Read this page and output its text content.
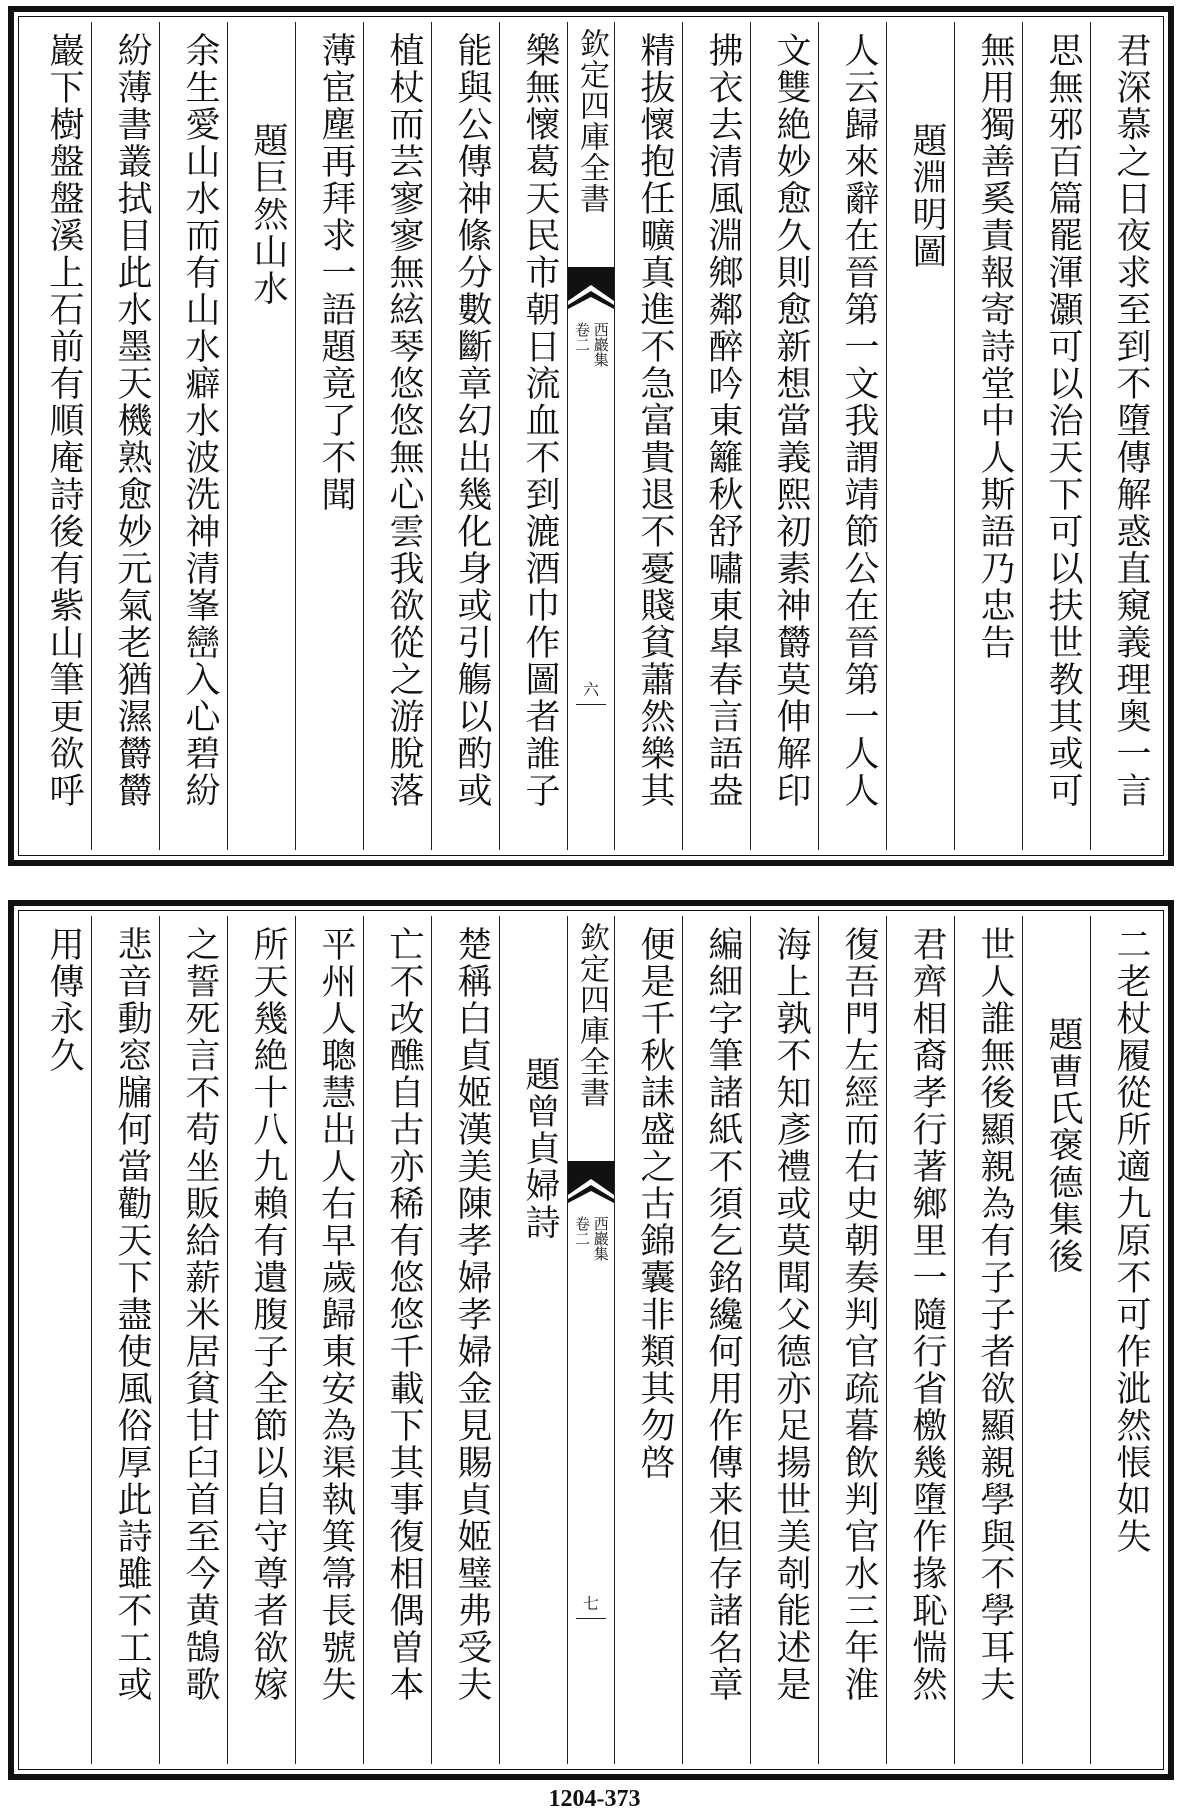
君深慕之日夜求至到不墮傳解惑直窺義理奥一言
思無邪百篇罷渾灝可以治天下可以扶世教其或可
無用獨善奚責報寄詩堂中人斯語乃忠告
題淵明圖
人云歸來辭在晉第一文我謂靖節公在晉第一人人
文雙絶妙愈久則愈新想當義熙初素神欝莫伸解印
拂衣去清風淵鄉鄰醉吟東籬秋舒嘯東皐春言語盎
精抜懷抱任曠真進不急富貴退不憂賤貧蕭然樂其
欽定四庫全書
西巖集
卷二
六
樂無懷葛天民市朝日流血不到漉酒巾作圖者誰子
能與公傳神絛分數斷章幻出幾化身或引觴以酌或
植杖而芸寥寥無絃琴悠悠無心雲我欲從之游脫落
薄宦塵再拜求一語題竟了不聞
題巨然山水
余生愛山水而有山水癖水波洗神清峯巒入心碧紛
紛薄書叢拭目此水墨天機熟愈妙元氣老猶濕欝欝
巖下樹盤盤溪上石前有順庵詩後有紫山筆更欲呼
二老杖履從所適九原不可作泚然悵如失
題曹氏褒德集後
世人誰無後顯親為有子子者欲顯親學與不學耳夫
君齊相裔孝行著鄉里一隨行省檄幾墮作掾恥惴然
復吾門左經而右史朝奏判官疏暮飲判官水三年淮
海上孰不知彥禮或莫聞父德亦足揚世美剞能述是
編細字筆諸紙不須乞銘纔何用作傳来但存諸名章
便是千秋誄盛之古錦囊非類其勿啓
欽定四庫全書
西巖集
卷二
七
題曾貞婦詩
楚稱白貞姬漢美陳孝婦孝婦金見賜貞姬璧弗受夫
亡不改醮自古亦稀有悠悠千載下其事復相偶曽本
平州人聰慧出人右早歲歸東安為渠執箕箒長號失
所天幾絶十八九賴有遺腹子全節以自守尊者欲嫁
之誓死言不苟坐販給薪米居貧甘臼首至今黄鵠歌
悲音動窓牖何當勸天下盡使風俗厚此詩雖不工或
用傳永久
1204-373
